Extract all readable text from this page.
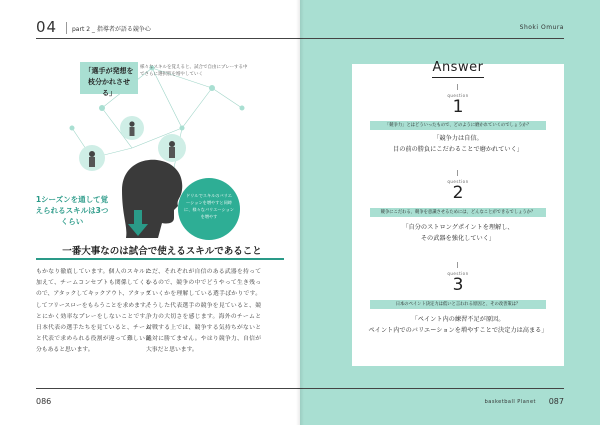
04 part 2 _ 指導者が語る競争心
「選手が発想を枝分かれさせる」
様々なスキルを覚えると、試合で自由にプレーする中でさらに選択肢を増やしていく
1シーズンを通して覚えられるスキルは3つくらい
ドリルでスキルのバリエーションを増やすと同時に、様々なバリエーションを増やす
一番大事なのは試合で使えるスキルであること
もかなり徹底しています。個人のスキルに加えて、チームコンセプトも関係してくるので、アタックしてキックアウト、アタックしてフリースローをもらうことを求めます。とにかく効率なプレーをしないことです。日本代表の選手たちを見ていると、チームと代表で求められる役割が違って難しい部分もあると思います。
ただ、それぞれが自信のある武器を持っているので、競争の中でどうやって生き残っていくかを理解している選手ばかりです。そうした代表選手の競争を見ていると、競争力の大切さを感じます。海外のチームと対戦する上では、競争する気持ちがないと絶対に勝てません。やはり競争力、自信が大事だと思います。
086
Shoki Omura
Answer
question
1
「競争力」とはどういったもので、どのように磨かれていくのでしょうか？
「競争力は自信。
目の前の勝負にこだわることで磨かれていく」
question
2
競争にこだわる、競争を意識させるためには、どんなことができるでしょうか？
「自分のストロングポイントを理解し、
その武器を強化していく」
question
3
日本のペイント決定力は低いと言われる原因と、その改善策は？
「ペイント内の練習不足が原因。
ペイント内でのバリエーションを増やすことで決定力は高まる」
basketball Planet 087
